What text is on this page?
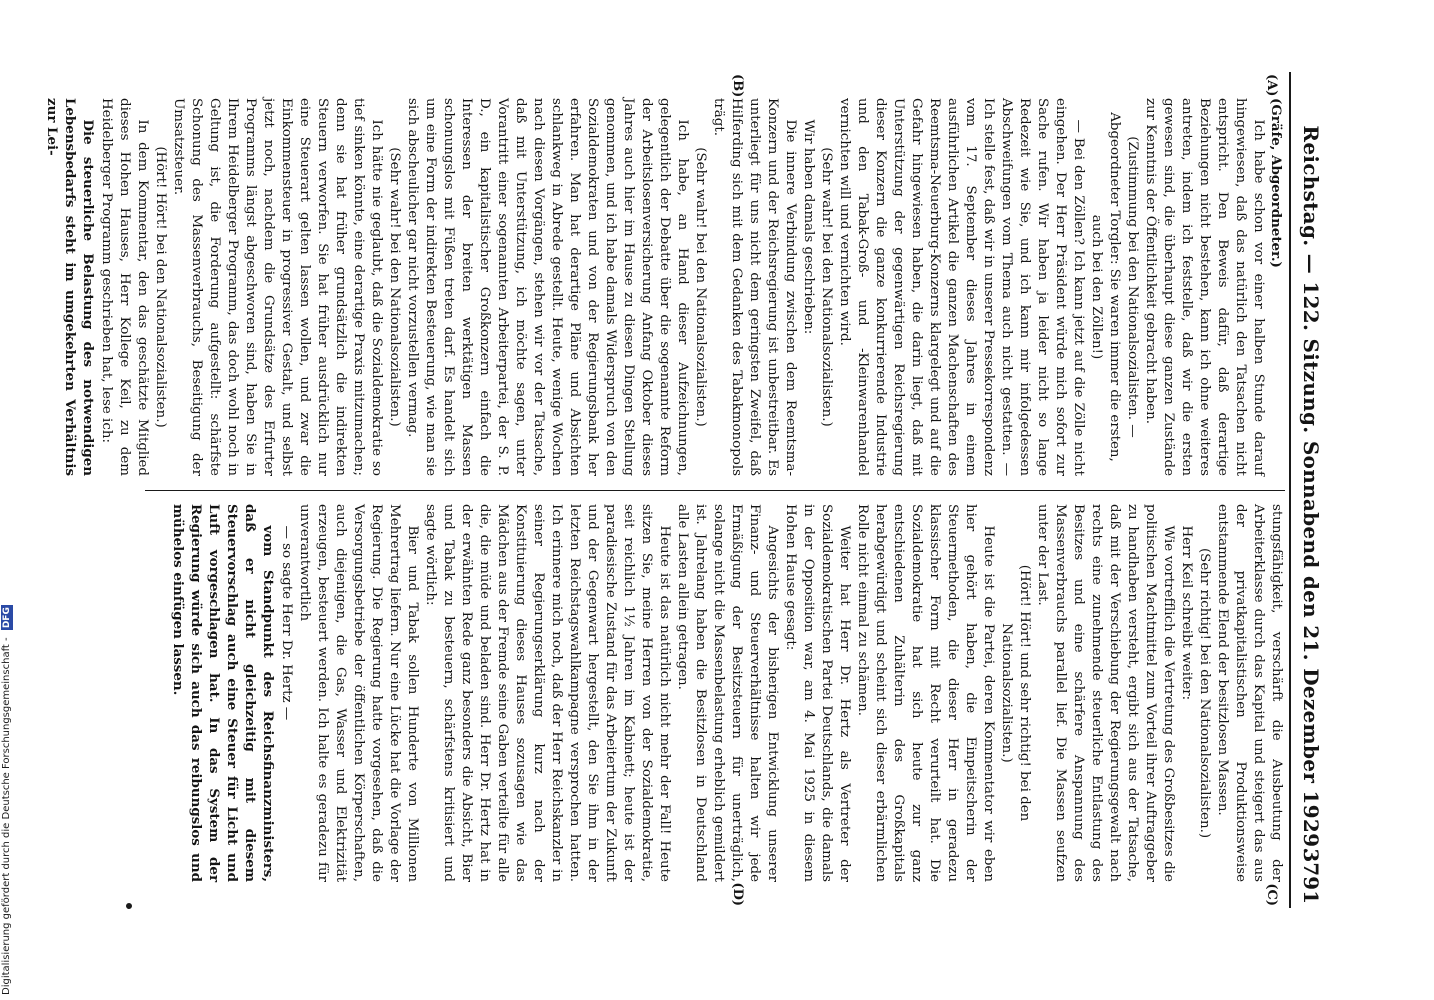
Reichstag. — 122. Sitzung. Sonnabend den 21. Dezember 1929.
3791
(A)
(B)
(C)
(D)

(Gräfe, Abgeordneter.)

Ich habe schon vor einer halben Stunde darauf hingewiesen, daß das natürlich den Tatsachen nicht entspricht. Den Beweis dafür, daß derartige Beziehungen nicht bestehen, kann ich ohne weiteres antreten, indem ich feststelle, daß wir die ersten gewesen sind, die überhaupt diese ganzen Zustände zur Kenntnis der Öffentlichkeit gebracht haben.

(Zustimmung bei den Nationalsozialisten. — Abgeordneter Torgler: Sie waren immer die ersten, auch bei den Zöllen!)

— Bei den Zöllen? Ich kann jetzt auf die Zölle nicht eingehen. Der Herr Präsident würde mich sofort zur Sache rufen. Wir haben ja leider nicht so lange Redezeit wie Sie, und ich kann mir infolgedessen Abschweifungen vom Thema auch nicht gestatten. — Ich stelle fest, daß wir in unserer Pressekorrespondenz vom 17. September dieses Jahres in einem ausführlichen Artikel die ganzen Machenschaften des Reemtsma-Neuerburg-Konzerns klargelegt und auf die Gefahr hingewiesen haben, die darin liegt, daß mit Unterstützung der gegenwärtigen Reichsregierung dieser Konzern die ganze konkurrierende Industrie und den Tabak-Groß- und -Kleinwarenhandel vernichten will und vernichten wird.

(Sehr wahr! bei den Nationalsozialisten.)

Wir haben damals geschrieben:

Die innere Verbindung zwischen dem Reemtsma-Konzern und der Reichsregierung ist unbestreitbar. Es unterliegt für uns nicht dem geringsten Zweifel, daß Hilferding sich mit dem Gedanken des Tabakmonopols trägt.

(Sehr wahr! bei den Nationalsozialisten.)

Ich habe, an Hand dieser Aufzeichnungen, gelegentlich der Debatte über die sogenannte Reform der Arbeitslosenversicherung Anfang Oktober dieses Jahres auch hier im Hause zu diesen Dingen Stellung genommen, und ich habe damals Widerspruch von den Sozialdemokraten und von der Regierungsbank her erfahren. Man hat derartige Pläne und Absichten schlankweg in Abrede gestellt. Heute, wenige Wochen nach diesen Vorgängen, stehen wir vor der Tatsache, daß mit Unterstützung, ich möchte sagen, unter Vorantritt einer sogenannten Arbeiterpartei, der S. P. D., ein kapitalistischer Großkonzern einfach die Interessen der breiten werktätigen Massen schonungslos mit Füßen treten darf. Es handelt sich um eine Form der indirekten Besteuerung, wie man sie sich abscheulicher gar nicht vorzustellen vermag.

(Sehr wahr! bei den Nationalsozialisten.)

Ich hätte nie geglaubt, daß die Sozialdemokratie so tief sinken könnte, eine derartige Praxis mitzumachen; denn sie hat früher grundsätzlich die indirekten Steuern verworfen. Sie hat früher ausdrücklich nur eine Steuerart gelten lassen wollen, und zwar die Einkommensteuer in progressiver Gestalt, und selbst jetzt noch, nachdem die Grundsätze des Erfurter Programms längst abgeschworen sind, haben Sie in Ihrem Heidelberger Programm, das doch wohl noch in Geltung ist, die Forderung aufgestellt: schärfste Schonung des Massenverbrauchs, Beseitigung der Umsatzsteuer.

(Hört! Hört! bei den Nationalsozialisten.)

In dem Kommentar, den das geschätzte Mitglied dieses Hohen Hauses, Herr Kollege Keil, zu dem Heidelberger Programm geschrieben hat, lese ich:

Die steuerliche Belastung des notwendigen Lebensbedarfs steht im umgekehrten Verhältnis zur Lei-

stungsfähigkeit, verschärft die Ausbeutung der Arbeiterklasse durch das Kapital und steigert das aus der privatkapitalistischen Produktionsweise entstammende Elend der besitzlosen Massen.

(Sehr richtig! bei den Nationalsozialisten.)

Herr Keil schreibt weiter:

Wie vortrefflich die Vertretung des Großbesitzes die politischen Machtmittel zum Vorteil ihrer Auftraggeber zu handhaben versteht, ergibt sich aus der Tatsache, daß mit der Verschiebung der Regierungsgewalt nach rechts eine zunehmende steuerliche Entlastung des Besitzes und eine schärfere Anspannung des Massenverbrauchs parallel lief. Die Massen seufzen unter der Last.

(Hört! Hört! und sehr richtig! bei den Nationalsozialisten.)

Heute ist die Partei, deren Kommentator wir eben hier gehört haben, die Einpeitscherin der Steuermethoden, die dieser Herr in geradezu klassischer Form mit Recht verurteilt hat. Die Sozialdemokratie hat sich heute zur ganz entschiedenen Zuhälterin des Großkapitals herabgewürdigt und scheint sich dieser erbärmlichen Rolle nicht einmal zu schämen.

Weiter hat Herr Dr. Hertz als Vertreter der Sozialdemokratischen Partei Deutschlands, die damals in der Opposition war, am 4. Mai 1925 in diesem Hohen Hause gesagt:

Angesichts der bisherigen Entwicklung unserer Finanz- und Steuerverhältnisse halten wir jede Ermäßigung der Besitzsteuern für unerträglich, solange nicht die Massenbelastung erheblich gemildert ist. Jahrelang haben die Besitzlosen in Deutschland alle Lasten allein getragen.

Heute ist das natürlich nicht mehr der Fall! Heute sitzen Sie, meine Herren von der Sozialdemokratie, seit reichlich 1½ Jahren im Kabinett; heute ist der paradiesische Zustand für das Arbeitertum der Zukunft und der Gegenwart hergestellt, den Sie ihm in der letzten Reichstagswahlkampagne versprochen hatten. Ich erinnere mich noch, daß der Herr Reichskanzler in seiner Regierungserklärung kurz nach der Konstituierung dieses Hauses sozusagen wie das Mädchen aus der Fremde seine Gaben verteilte für alle die, die müde und beladen sind. Herr Dr. Hertz hat in der erwähnten Rede ganz besonders die Absicht, Bier und Tabak zu besteuern, schärfstens kritisiert und sagte wörtlich:

Bier und Tabak sollen Hunderte von Millionen Mehrertrag liefern. Nur eine Lücke hat die Vorlage der Regierung. Die Regierung hatte vorgesehen, daß die Versorgungsbetriebe der öffentlichen Körperschaften, auch diejenigen, die Gas, Wasser und Elektrizität erzeugen, besteuert werden. Ich halte es geradezu für unverantwortlich

— so sagte Herr Dr. Hertz —

vom Standpunkt des Reichsfinanzministers, daß er nicht gleichzeitig mit diesem Steuervorschlag auch eine Steuer für Licht und Luft vorgeschlagen hat. In das System der Regierung würde sich auch das reibungslos und mühelos einfügen lassen.

Digitalisierung gefördert durch die Deutsche Forschungsgemeinschaft - DFG
